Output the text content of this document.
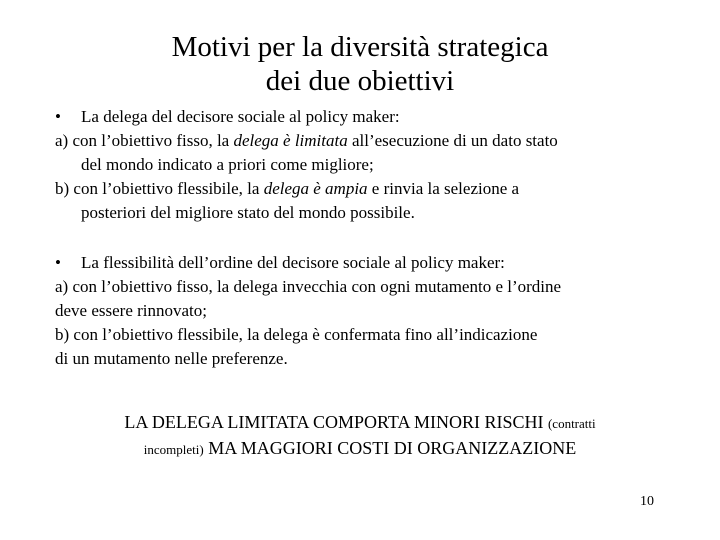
Motivi per la diversità strategica
dei due obiettivi
• La delega del decisore sociale al policy maker:
a) con l’obiettivo fisso, la delega è limitata all’esecuzione di un dato stato
del mondo indicato a priori come migliore;
b) con l’obiettivo flessibile, la delega è ampia e rinvia la selezione a
posteriori del migliore stato del mondo possibile.
• La flessibilità dell’ordine del decisore sociale al policy maker:
a) con l’obiettivo fisso, la delega invecchia con ogni mutamento e l’ordine
deve essere rinnovato;
b) con l’obiettivo flessibile, la delega è confermata fino all’indicazione
di un mutamento nelle preferenze.
LA DELEGA LIMITATA COMPORTA MINORI RISCHI (contratti
incompleti) MA MAGGIORI COSTI DI ORGANIZZAZIONE
10
